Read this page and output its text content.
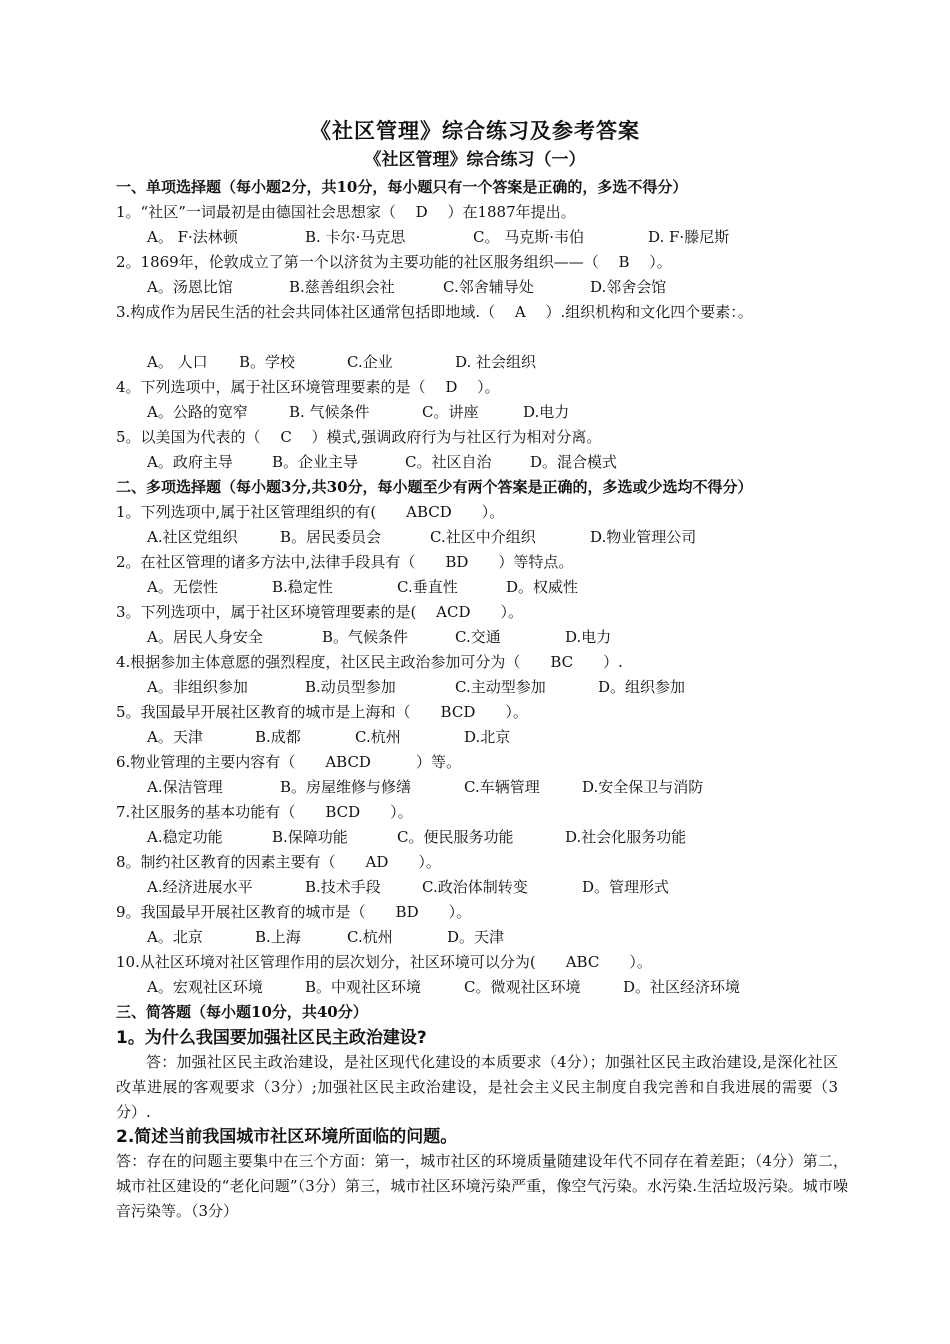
《社区管理》综合练习及参考答案
《社区管理》综合练习（一）
一、单项选择题（每小题2分，共10分，每小题只有一个答案是正确的，多选不得分）
1。“社区”一词最初是由德国社会思想家（　 D 　）在1887年提出。
A。 F·法林顿	B. 卡尔·马克思	C。 马克斯·韦伯	D. F·滕尼斯
2。1869年，伦敦成立了第一个以济贫为主要功能的社区服务组织——（　 B 　）。
A。汤恩比馆	B.慈善组织会社	C.邻舍辅导处	D.邻舍会馆
3.构成作为居民生活的社会共同体社区通常包括即地域.（　 A 　）.组织机构和文化四个要素：。
A。 人口 B。学校	C.企业	D. 社会组织
4。下列选项中，属于社区环境管理要素的是（　 D 　）。
A。公路的宽窄	B. 气候条件	C。讲座	D.电力
5。以美国为代表的（　 C 　）模式,强调政府行为与社区行为相对分离。
A。政府主导	B。企业主导	C。社区自治	D。混合模式
二、多项选择题（每小题3分,共30分，每小题至少有两个答案是正确的，多选或少选均不得分）
1。下列选项中,属于社区管理组织的有(　　ABCD　　）。
A.社区党组织	B。居民委员会	C.社区中介组织	D.物业管理公司
2。在社区管理的诸多方法中,法律手段具有（　　BD　　）等特点。
A。无偿性	B.稳定性	C.垂直性	D。权威性
3。下列选项中，属于社区环境管理要素的是(　 ACD　　）。
A。居民人身安全	B。气候条件	C.交通	D.电力
4.根据参加主体意愿的强烈程度，社区民主政治参加可分为（　　BC　　）.
A。非组织参加	B.动员型参加	C.主动型参加	D。组织参加
5。我国最早开展社区教育的城市是上海和（　　BCD　　）。
A。天津	B.成都	C.杭州	D.北京
6.物业管理的主要内容有（　　ABCD　　　）等。
A.保洁管理	B。房屋维修与修缮	C.车辆管理	D.安全保卫与消防
7.社区服务的基本功能有（　　BCD　　）。
A.稳定功能	B.保障功能	C。便民服务功能	D.社会化服务功能
8。制约社区教育的因素主要有（　　AD　　）。
A.经济进展水平	B.技术手段	C.政治体制转变	D。管理形式
9。我国最早开展社区教育的城市是（　　BD　　）。
A。北京	B.上海	C.杭州	D。天津
10.从社区环境对社区管理作用的层次划分，社区环境可以分为(　　ABC　　）。
A。宏观社区环境	B。中观社区环境	C。微观社区环境	D。社区经济环境
三、简答题（每小题10分，共40分）
1。为什么我国要加强社区民主政治建设?
答：加强社区民主政治建设，是社区现代化建设的本质要求（4分）；加强社区民主政治建设,是深化社区改革进展的客观要求（3分）;加强社区民主政治建设，是社会主义民主制度自我完善和自我进展的需要（3分）.
2.简述当前我国城市社区环境所面临的问题。
答：存在的问题主要集中在三个方面：第一，城市社区的环境质量随建设年代不同存在着差距；（4分）第二，城市社区建设的“老化问题”（3分）第三，城市社区环境污染严重，像空气污染。水污染.生活垃圾污染。城市噪音污染等。（3分）
